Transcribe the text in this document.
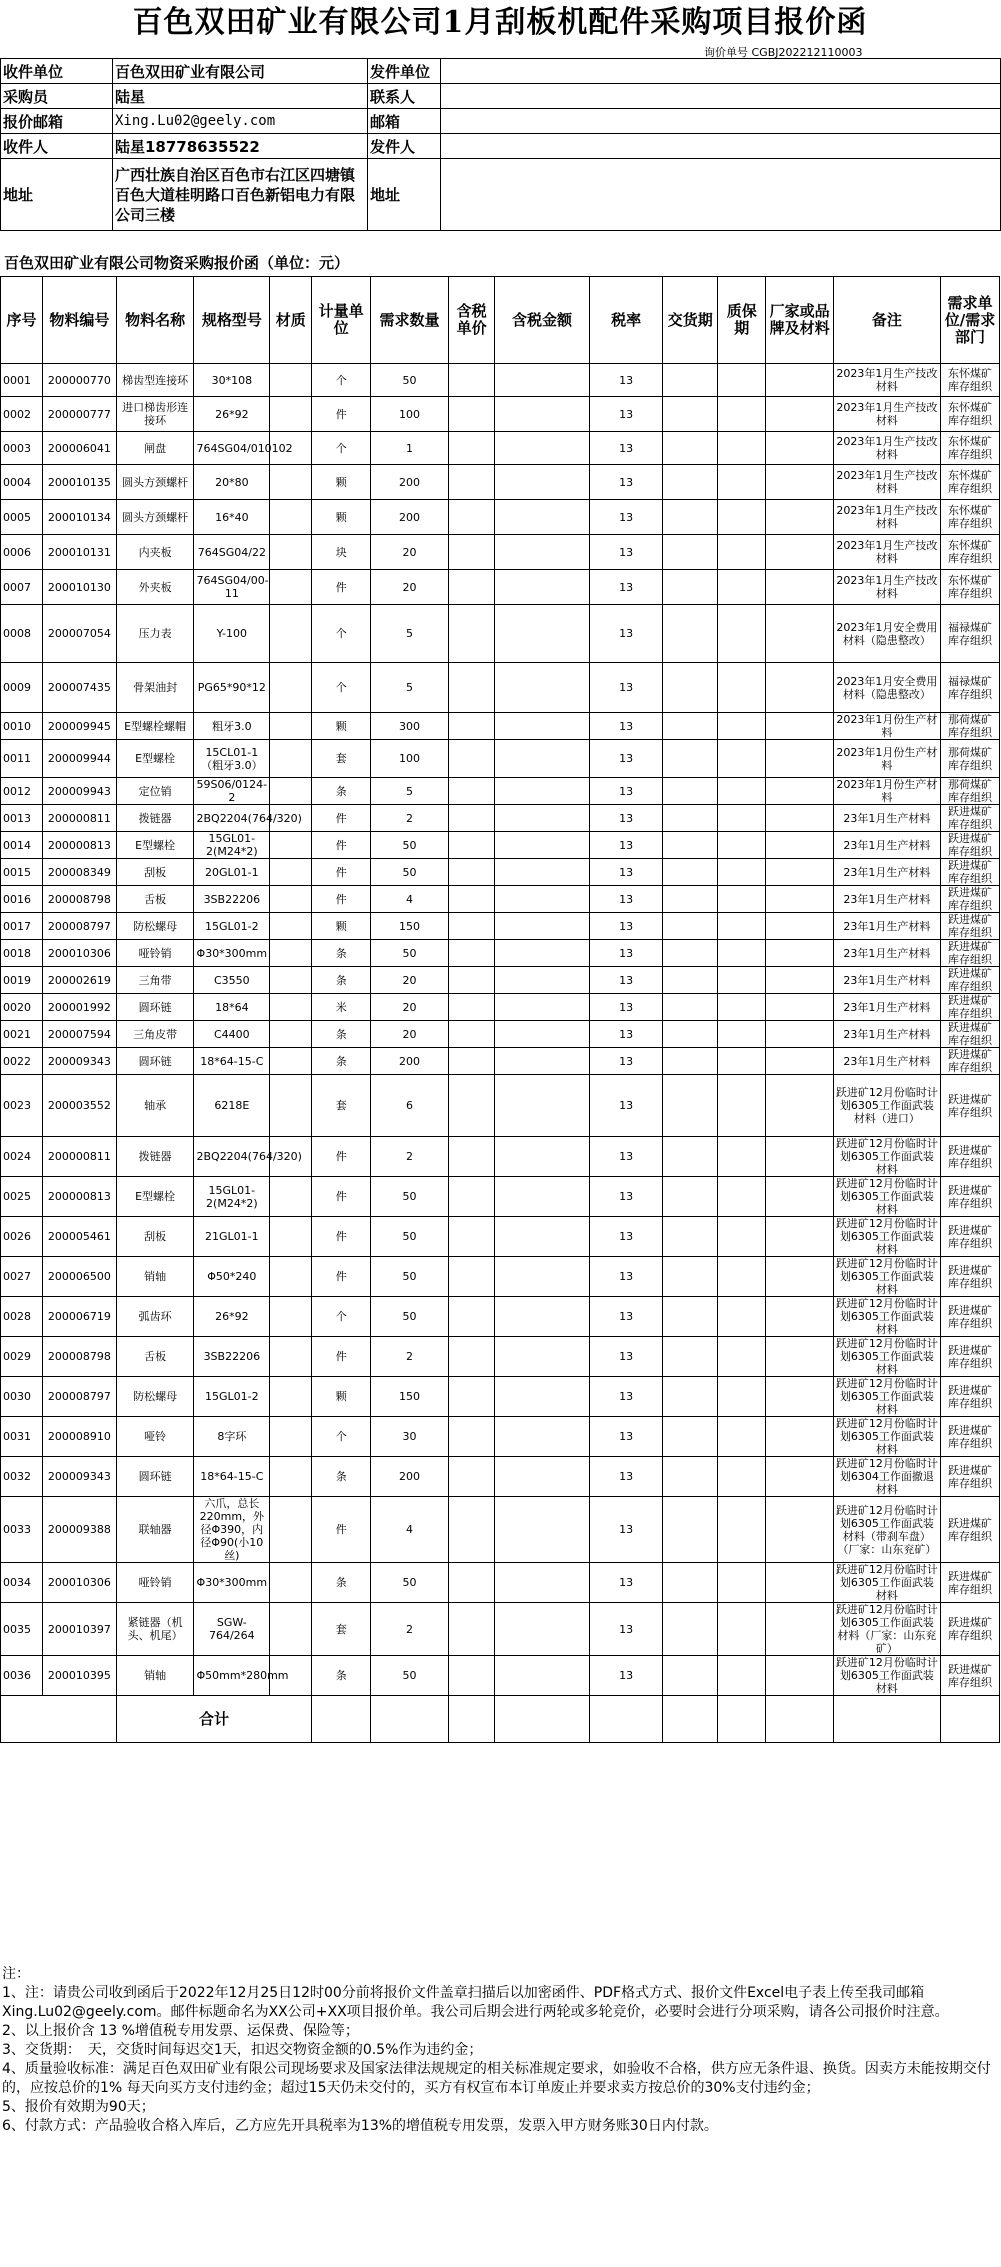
百色双田矿业有限公司1月刮板机配件采购项目报价函
询价单号 CGBJ202212110003
收件单位	百色双田矿业有限公司	发件单位	
采购员	陆星	联系人	
报价邮箱	Xing.Lu02@geely.com	邮箱	
收件人	陆星18778635522	发件人	
地址	广西壮族自治区百色市右江区四塘镇百色大道桂明路口百色新铝电力有限公司三楼	地址	
百色双田矿业有限公司物资采购报价函（单位：元）
序号	物料编号	物料名称	规格型号	材质	计量单位	需求数量	含税单价	含税金额	税率	交货期	质保期	厂家或品牌及材料	备注	需求单位/需求部门
0001	200000770	梯齿型连接环	30*108		个	50			13				2023年1月生产技改材料	东怀煤矿库存组织
0002	200000777	进口梯齿形连接环	26*92		件	100			13				2023年1月生产技改材料	东怀煤矿库存组织
0003	200006041	闸盘	764SG04/010102		个	1			13				2023年1月生产技改材料	东怀煤矿库存组织
0004	200010135	圆头方颈螺杆	20*80		颗	200			13				2023年1月生产技改材料	东怀煤矿库存组织
0005	200010134	圆头方颈螺杆	16*40		颗	200			13				2023年1月生产技改材料	东怀煤矿库存组织
0006	200010131	内夹板	764SG04/22		块	20			13				2023年1月生产技改材料	东怀煤矿库存组织
0007	200010130	外夹板	764SG04/00-11		件	20			13				2023年1月生产技改材料	东怀煤矿库存组织
0008	200007054	压力表	Y-100		个	5			13				2023年1月安全费用材料（隐患整改）	福禄煤矿库存组织
0009	200007435	骨架油封	PG65*90*12		个	5			13				2023年1月安全费用材料（隐患整改）	福禄煤矿库存组织
0010	200009945	E型螺栓螺帽	粗牙3.0		颗	300			13				2023年1月份生产材料	那荷煤矿库存组织
0011	200009944	E型螺栓	15CL01-1（粗牙3.0）		套	100			13				2023年1月份生产材料	那荷煤矿库存组织
0012	200009943	定位销	59S06/0124-2		条	5			13				2023年1月份生产材料	那荷煤矿库存组织
0013	200000811	拨链器	2BQ2204(764/320)		件	2			13				23年1月生产材料	跃进煤矿库存组织
0014	200000813	E型螺栓	15GL01-2(M24*2)		件	50			13				23年1月生产材料	跃进煤矿库存组织
0015	200008349	刮板	20GL01-1		件	50			13				23年1月生产材料	跃进煤矿库存组织
0016	200008798	舌板	3SB22206		件	4			13				23年1月生产材料	跃进煤矿库存组织
0017	200008797	防松螺母	15GL01-2		颗	150			13				23年1月生产材料	跃进煤矿库存组织
0018	200010306	哑铃销	Φ30*300mm		条	50			13				23年1月生产材料	跃进煤矿库存组织
0019	200002619	三角带	C3550		条	20			13				23年1月生产材料	跃进煤矿库存组织
0020	200001992	圆环链	18*64		米	20			13				23年1月生产材料	跃进煤矿库存组织
0021	200007594	三角皮带	C4400		条	20			13				23年1月生产材料	跃进煤矿库存组织
0022	200009343	圆环链	18*64-15-C		条	200			13				23年1月生产材料	跃进煤矿库存组织
0023	200003552	轴承	6218E		套	6			13				跃进矿12月份临时计划6305工作面武装材料（进口）	跃进煤矿库存组织
0024	200000811	拨链器	2BQ2204(764/320)		件	2			13				跃进矿12月份临时计划6305工作面武装材料	跃进煤矿库存组织
0025	200000813	E型螺栓	15GL01-2(M24*2)		件	50			13				跃进矿12月份临时计划6305工作面武装材料	跃进煤矿库存组织
0026	200005461	刮板	21GL01-1		件	50			13				跃进矿12月份临时计划6305工作面武装材料	跃进煤矿库存组织
0027	200006500	销轴	Φ50*240		件	50			13				跃进矿12月份临时计划6305工作面武装材料	跃进煤矿库存组织
0028	200006719	弧齿环	26*92		个	50			13				跃进矿12月份临时计划6305工作面武装材料	跃进煤矿库存组织
0029	200008798	舌板	3SB22206		件	2			13				跃进矿12月份临时计划6305工作面武装材料	跃进煤矿库存组织
0030	200008797	防松螺母	15GL01-2		颗	150			13				跃进矿12月份临时计划6305工作面武装材料	跃进煤矿库存组织
0031	200008910	哑铃	8字环		个	30			13				跃进矿12月份临时计划6305工作面武装材料	跃进煤矿库存组织
0032	200009343	圆环链	18*64-15-C		条	200			13				跃进矿12月份临时计划6304工作面撤退材料	跃进煤矿库存组织
0033	200009388	联轴器	六爪，总长220mm，外径Φ390，内径Φ90(小10丝)		件	4			13				跃进矿12月份临时计划6305工作面武装材料（带刹车盘）（厂家：山东兖矿）	跃进煤矿库存组织
0034	200010306	哑铃销	Φ30*300mm		条	50			13				跃进矿12月份临时计划6305工作面武装材料	跃进煤矿库存组织
0035	200010397	紧链器（机头、机尾）	SGW-764/264		套	2			13				跃进矿12月份临时计划6305工作面武装材料（厂家：山东兖矿）	跃进煤矿库存组织
0036	200010395	销轴	Φ50mm*280mm		条	50			13				跃进矿12月份临时计划6305工作面武装材料	跃进煤矿库存组织
		合计												
注：
1、注：请贵公司收到函后于2022年12月25日12时00分前将报价文件盖章扫描后以加密函件、PDF格式方式、报价文件Excel电子表上传至我司邮箱　Xing.Lu02@geely.com。邮件标题命名为XX公司+XX项目报价单。我公司后期会进行两轮或多轮竞价，必要时会进行分项采购，请各公司报价时注意。
2、以上报价含 13 %增值税专用发票、运保费、保险等；
3、交货期：　天，交货时间每迟交1天，扣迟交物资金额的0.5%作为违约金；
4、质量验收标准：满足百色双田矿业有限公司现场要求及国家法律法规规定的相关标准规定要求，如验收不合格，供方应无条件退、换货。因卖方未能按期交付的，应按总价的1% 每天向买方支付违约金；超过15天仍未交付的，买方有权宣布本订单废止并要求卖方按总价的30%支付违约金；
5、报价有效期为90天；
6、付款方式：产品验收合格入库后，乙方应先开具税率为13%的增值税专用发票，发票入甲方财务账30日内付款。
